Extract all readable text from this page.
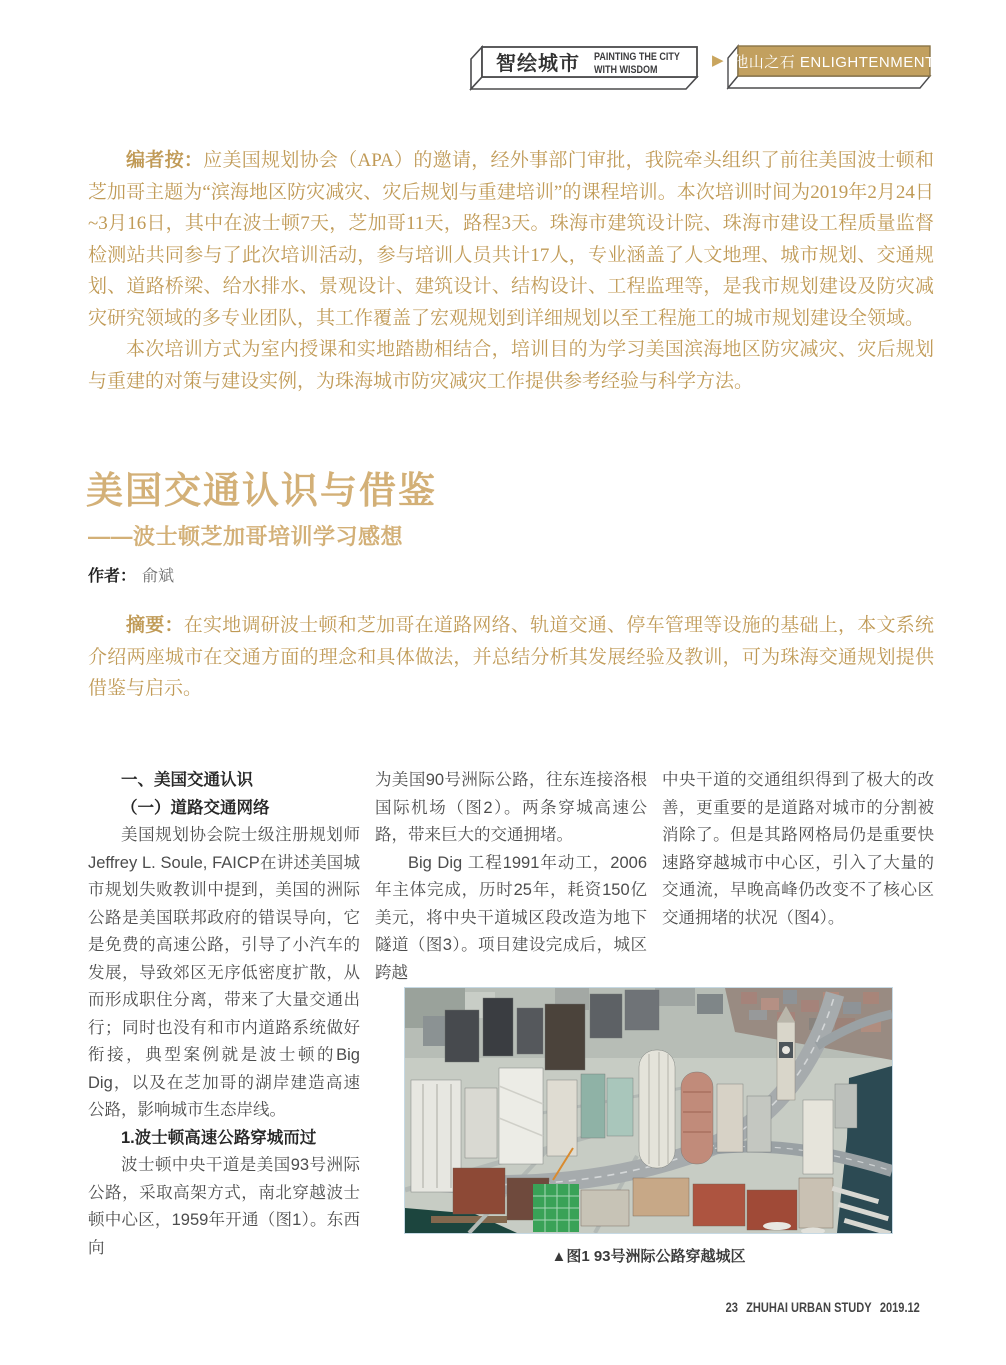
智绘城市 PAINTING THE CITY
WITH WISDOM
▶ 他山之石 ENLIGHTENMENT

编者按：应美国规划协会（APA）的邀请，经外事部门审批，我院牵头组织了前往美国波士顿和芝加哥主题为“滨海地区防灾减灾、灾后规划与重建培训”的课程培训。本次培训时间为2019年2月24日~3月16日，其中在波士顿7天，芝加哥11天，路程3天。珠海市建筑设计院、珠海市建设工程质量监督检测站共同参与了此次培训活动，参与培训人员共计17人，专业涵盖了人文地理、城市规划、交通规划、道路桥梁、给水排水、景观设计、建筑设计、结构设计、工程监理等，是我市规划建设及防灾减灾研究领域的多专业团队，其工作覆盖了宏观规划到详细规划以至工程施工的城市规划建设全领域。

本次培训方式为室内授课和实地踏勘相结合，培训目的为学习美国滨海地区防灾减灾、灾后规划与重建的对策与建设实例，为珠海城市防灾减灾工作提供参考经验与科学方法。

美国交通认识与借鉴
——波士顿芝加哥培训学习感想
作者： 俞斌

摘要：在实地调研波士顿和芝加哥在道路网络、轨道交通、停车管理等设施的基础上，本文系统介绍两座城市在交通方面的理念和具体做法，并总结分析其发展经验及教训，可为珠海交通规划提供借鉴与启示。

一、美国交通认识
（一）道路交通网络

美国规划协会院士级注册规划师Jeffrey L. Soule, FAICP在讲述美国城市规划失败教训中提到，美国的洲际公路是美国联邦政府的错误导向，它是免费的高速公路，引导了小汽车的发展，导致郊区无序低密度扩散，从而形成职住分离，带来了大量交通出行；同时也没有和市内道路系统做好衔接，典型案例就是波士顿的Big Dig，以及在芝加哥的湖岸建造高速公路，影响城市生态岸线。

1.波士顿高速公路穿城而过

波士顿中央干道是美国93号洲际公路，采取高架方式，南北穿越波士顿中心区，1959年开通（图1）。东西向

为美国90号洲际公路，往东连接洛根国际机场（图2）。两条穿城高速公路，带来巨大的交通拥堵。

Big Dig 工程1991年动工，2006年主体完成，历时25年，耗资150亿美元，将中央干道城区段改造为地下隧道（图3）。项目建设完成后，城区跨越

中央干道的交通组织得到了极大的改善，更重要的是道路对城市的分割被消除了。但是其路网格局仍是重要快速路穿越城市中心区，引入了大量的交通流，早晚高峰仍改变不了核心区交通拥堵的状况（图4）。

▲图1 93号洲际公路穿越城区
23 ZHUHAI URBAN STUDY 2019.12
